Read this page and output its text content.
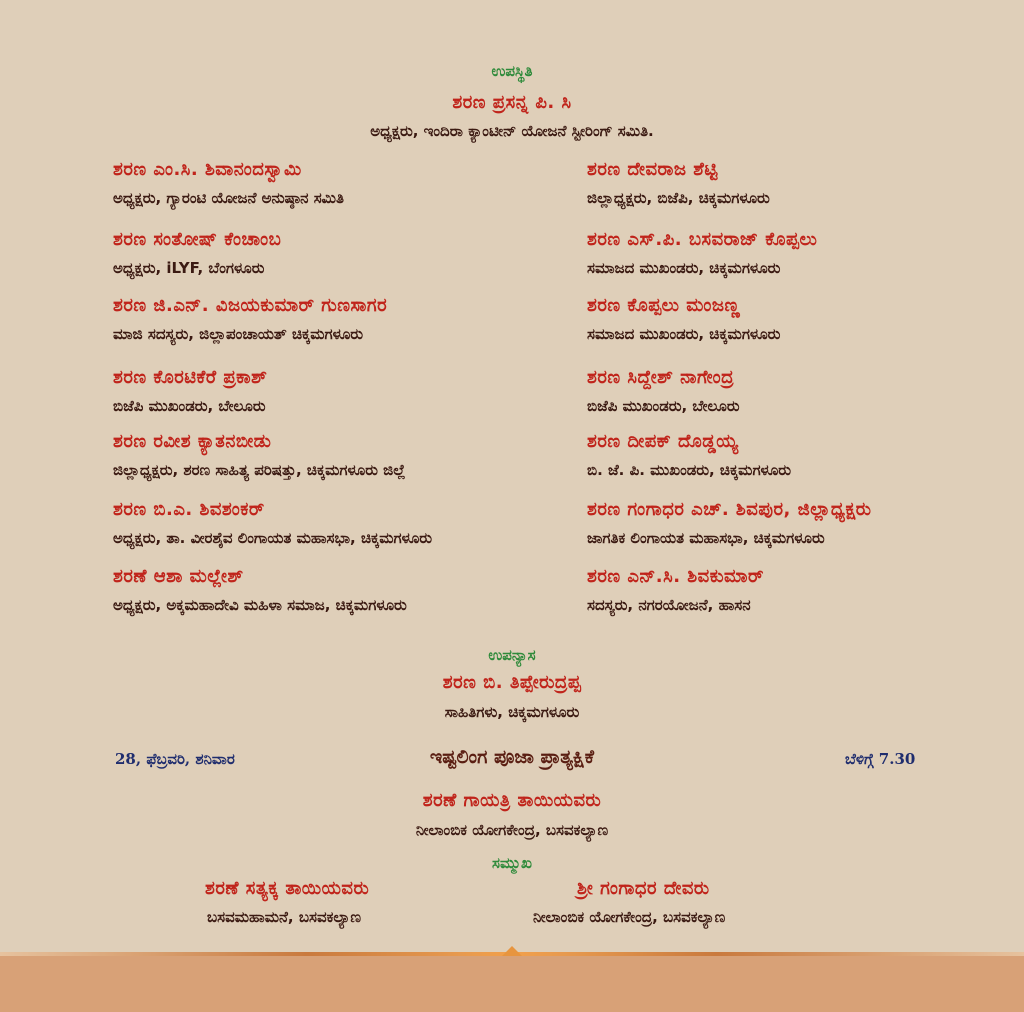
ಉಪಸ್ಥಿತಿ
ಶರಣ ಪ್ರಸನ್ನ ಪಿ. ಸಿ
ಅಧ್ಯಕ್ಷರು, ಇಂದಿರಾ ಕ್ಯಾಂಟೀನ್ ಯೋಜನೆ ಸ್ಟೀರಿಂಗ್ ಸಮಿತಿ.
ಶರಣ ಎಂ.ಸಿ. ಶಿವಾನಂದಸ್ವಾಮಿ
ಅಧ್ಯಕ್ಷರು, ಗ್ಯಾರಂಟಿ ಯೋಜನೆ ಅನುಷ್ಠಾನ ಸಮಿತಿ
ಶರಣ ಸಂತೋಷ್ ಕೆಂಚಾಂಬ
ಅಧ್ಯಕ್ಷರು, iLYF, ಬೆಂಗಳೂರು
ಶರಣ ಜಿ.ಎನ್. ವಿಜಯಕುಮಾರ್ ಗುಣಸಾಗರ
ಮಾಜಿ ಸದಸ್ಯರು, ಜಿಲ್ಲಾಪಂಚಾಯತ್ ಚಿಕ್ಕಮಗಳೂರು
ಶರಣ ಕೊರಟಿಕೆರೆ ಪ್ರಕಾಶ್
ಬಿಜೆಪಿ ಮುಖಂಡರು, ಬೇಲೂರು
ಶರಣ ರವೀಶ ಕ್ಯಾತನಬೀಡು
ಜಿಲ್ಲಾಧ್ಯಕ್ಷರು, ಶರಣ ಸಾಹಿತ್ಯ ಪರಿಷತ್ತು, ಚಿಕ್ಕಮಗಳೂರು ಜಿಲ್ಲೆ
ಶರಣ ಬಿ.ಎ. ಶಿವಶಂಕರ್
ಅಧ್ಯಕ್ಷರು, ತಾ. ವೀರಶೈವ ಲಿಂಗಾಯತ ಮಹಾಸಭಾ, ಚಿಕ್ಕಮಗಳೂರು
ಶರಣೆ ಆಶಾ ಮಲ್ಲೇಶ್
ಅಧ್ಯಕ್ಷರು, ಅಕ್ಕಮಹಾದೇವಿ ಮಹಿಳಾ ಸಮಾಜ, ಚಿಕ್ಕಮಗಳೂರು
ಶರಣ ದೇವರಾಜ ಶೆಟ್ಟಿ
ಜಿಲ್ಲಾಧ್ಯಕ್ಷರು, ಬಿಜೆಪಿ, ಚಿಕ್ಕಮಗಳೂರು
ಶರಣ ಎಸ್.ಪಿ. ಬಸವರಾಜ್ ಕೊಪ್ಪಲು
ಸಮಾಜದ ಮುಖಂಡರು, ಚಿಕ್ಕಮಗಳೂರು
ಶರಣ ಕೊಪ್ಪಲು ಮಂಜಣ್ಣ
ಸಮಾಜದ ಮುಖಂಡರು, ಚಿಕ್ಕಮಗಳೂರು
ಶರಣ ಸಿದ್ದೇಶ್ ನಾಗೇಂದ್ರ
ಬಿಜೆಪಿ ಮುಖಂಡರು, ಬೇಲೂರು
ಶರಣ ದೀಪಕ್ ದೊಡ್ಡಯ್ಯ
ಬಿ. ಜೆ. ಪಿ. ಮುಖಂಡರು, ಚಿಕ್ಕಮಗಳೂರು
ಶರಣ ಗಂಗಾಧರ ಎಚ್. ಶಿವಪುರ, ಜಿಲ್ಲಾಧ್ಯಕ್ಷರು
ಜಾಗತಿಕ ಲಿಂಗಾಯತ ಮಹಾಸಭಾ, ಚಿಕ್ಕಮಗಳೂರು
ಶರಣ ಎನ್.ಸಿ. ಶಿವಕುಮಾರ್
ಸದಸ್ಯರು, ನಗರಯೋಜನೆ, ಹಾಸನ
ಉಪನ್ಯಾಸ
ಶರಣ ಬಿ. ತಿಪ್ಪೇರುದ್ರಪ್ಪ
ಸಾಹಿತಿಗಳು, ಚಿಕ್ಕಮಗಳೂರು
28, ಫೆಬ್ರವರಿ, ಶನಿವಾರ	ಇಷ್ಟಲಿಂಗ ಪೂಜಾ ಪ್ರಾತ್ಯಕ್ಷಿಕೆ	ಬೆಳಿಗ್ಗೆ 7.30
ಶರಣೆ ಗಾಯತ್ರಿ ತಾಯಿಯವರು
ನೀಲಾಂಬಿಕ ಯೋಗಕೇಂದ್ರ, ಬಸವಕಲ್ಯಾಣ
ಸಮ್ಮುಖ
ಶರಣೆ ಸತ್ಯಕ್ಕ ತಾಯಿಯವರು
ಬಸವಮಹಾಮನೆ, ಬಸವಕಲ್ಯಾಣ
ಶ್ರೀ ಗಂಗಾಧರ ದೇವರು
ನೀಲಾಂಬಿಕ ಯೋಗಕೇಂದ್ರ, ಬಸವಕಲ್ಯಾಣ
